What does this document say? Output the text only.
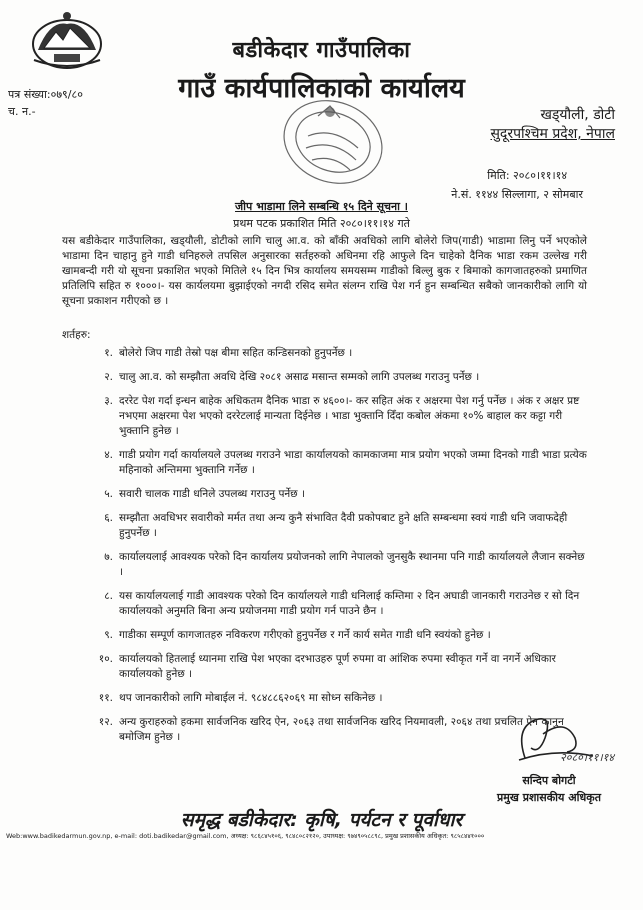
पत्र संख्या:०७९/८०
च. न.-
बडीकेदार गाउँपालिका
गाउँ कार्यपालिकाको कार्यालय
खड्‌यौली, डोटी
सुदूरपश्चिम प्रदेश, नेपाल
मिति: २०८०।११।१४
ने.सं. ११४४ सिल्लागा, २ सोमबार
जीप भाडामा लिने सम्बन्धि १५ दिने सूचना ।
प्रथम पटक प्रकाशित मिति २०८०।११।१४ गते
यस बडीकेदार गाउँपालिका, खड्‌यौली, डोटीको लागि चालु आ.व. को बाँकी अवधिको लागि बोलेरो जिप(गाडी) भाडामा लिनु पर्ने भएकोले भाडामा दिन चाहानु हुने गाडी धनिहरुले तपसिल अनुसारका सर्तहरुको अधिनमा रहि आफुले दिन चाहेको दैनिक भाडा रकम उल्लेख गरी खामबन्दी गरी यो सूचना प्रकाशित भएको मितिले १५ दिन भित्र कार्यालय समयसम्म गाडीको बिल्लु बुक र बिमाको कागजातहरुको प्रमाणित प्रतिलिपि सहित रु १०००।- यस कार्यलयमा बुझाईएको नगदी रसिद समेत संलग्न राखि पेश गर्न हुन सम्बन्धित सबैको जानकारीको लागि यो सूचना प्रकाशन गरीएको छ ।
शर्तहरु:
१. बोलेरो जिप गाडी तेस्रो पक्ष बीमा सहित कन्डिसनको हुनुपर्नेछ ।
२. चालु आ.व. को सम्झौता अवधि देखि २०८१ असाढ मसान्त सम्मको लागि उपलब्ध गराउनु पर्नेछ ।
३. दररेट पेश गर्दा इन्धन बाहेक अधिकतम दैनिक भाडा रु ४६००।- कर सहित अंक र अक्षरमा पेश गर्नु पर्नेछ । अंक र अक्षर प्रष्ट नभएमा अक्षरमा पेश भएको दररेटलाई मान्यता दिईनेछ । भाडा भुक्तानि दिँदा कबोल अंकमा १०% बाहाल कर कट्टा गरी भुक्तानि हुनेछ ।
४. गाडी प्रयोग गर्दा कार्यालयले उपलब्ध गराउने भाडा कार्यालयको कामकाजमा मात्र प्रयोग भएको जम्मा दिनको गाडी भाडा प्रत्येक महिनाको अन्तिममा भुक्तानि गर्नेछ ।
५. सवारी चालक गाडी धनिले उपलब्ध गराउनु पर्नेछ ।
६. सम्झौता अवधिभर सवारीको मर्मत तथा अन्य कुनै संभावित दैवी प्रकोपबाट हुने क्षति सम्बन्धमा स्वयं गाडी धनि जवाफदेही हुनुपर्नेछ ।
७. कार्यालयलाई आवश्यक परेको दिन कार्यालय प्रयोजनको लागि नेपालको जुनसुकै स्थानमा पनि गाडी कार्यालयले लैजान सक्नेछ ।
८. यस कार्यालयलाई गाडी आवश्यक परेको दिन कार्यालयले गाडी धनिलाई कम्तिमा २ दिन अघाडी जानकारी गराउनेछ र सो दिन कार्यालयको अनुमति बिना अन्य प्रयोजनमा गाडी प्रयोग गर्न पाउने छैन ।
९. गाडीका सम्पूर्ण कागजातहरु नविकरण गरीएको हुनुपर्नेछ र गर्ने कार्य समेत गाडी धनि स्वयंको हुनेछ ।
१०. कार्यालयको हितलाई ध्यानमा राखि पेश भएका दरभाउहरु पूर्ण रुपमा वा आंशिक रुपमा स्वीकृत गर्ने वा नगर्ने अधिकार कार्यालयको हुनेछ ।
११. थप जानकारीको लागि मोबाईल नं. ९८४८८६२०६९ मा सोध्न सकिनेछ ।
१२. अन्य कुराहरुको हकमा सार्वजनिक खरिद ऐन, २०६३ तथा सार्वजनिक खरिद नियमावली, २०६४ तथा प्रचलित ऐन कानुन बमोजिम हुनेछ ।
२०८०।११।१४
सन्दिप बोगटी
प्रमुख प्रशासकीय अधिकृत
समृद्ध बडीकेदार: कृषि, पर्यटन र पूर्वाधार
Web:www.badikedarmun.gov.np, e-mail: doti.badikedar@gmail.com, अध्यक्ष: ९८६८४५१०६, ९८४८०८२१२०, उपाध्यक्ष: ९७४९०५८८९८, प्रमुख प्रशासकीय अधिकृत: ९८५८४४१०००
